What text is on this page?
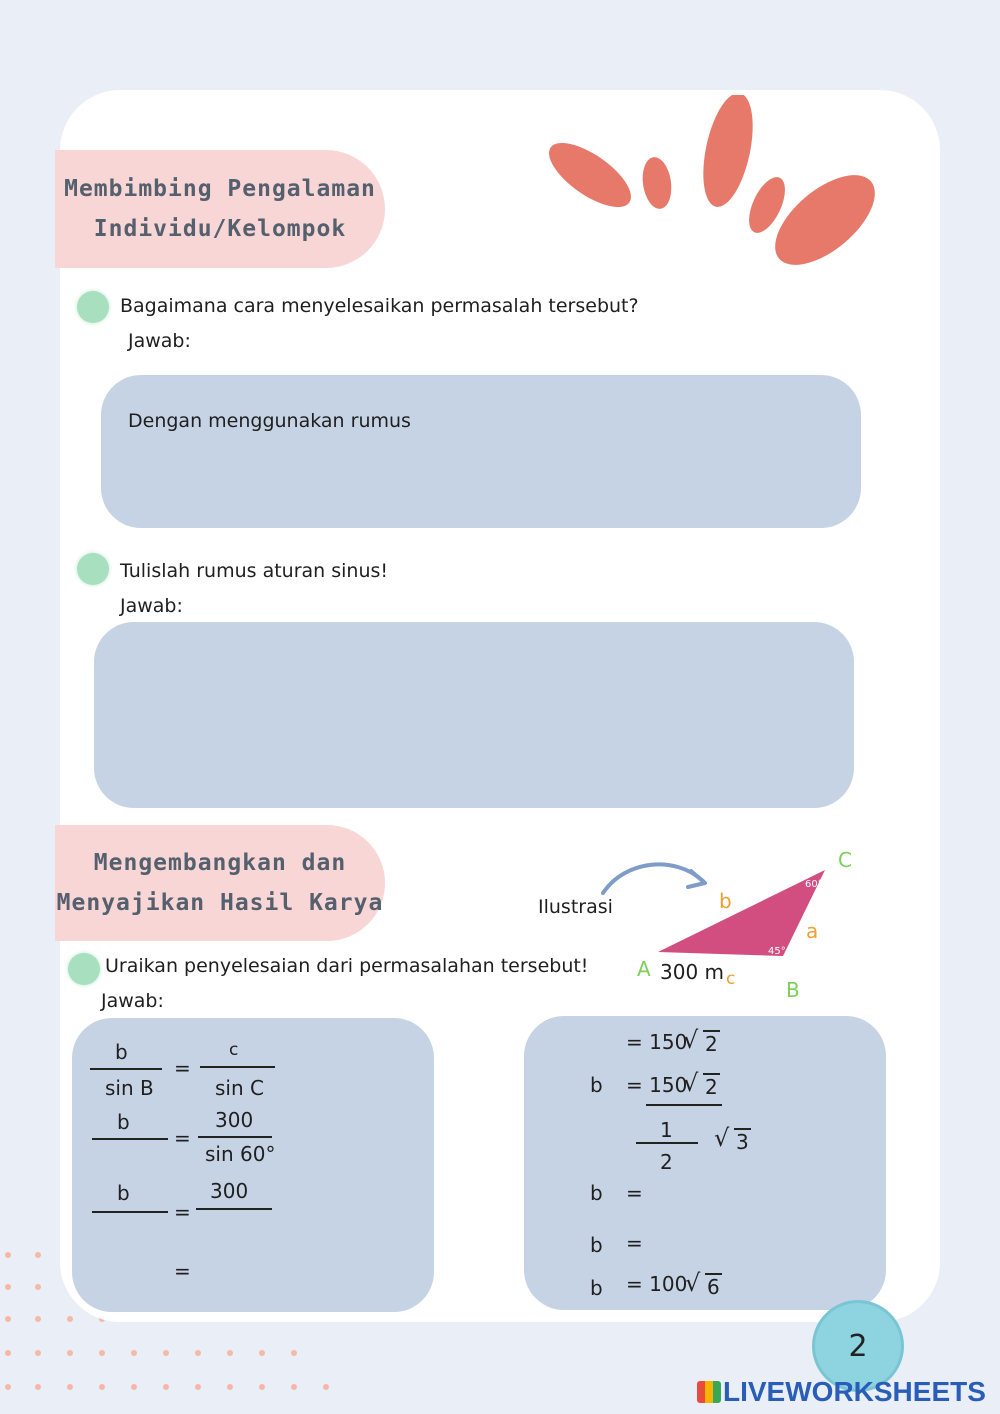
Membimbing Pengalaman
Individu/Kelompok
Bagaimana cara menyelesaikan permasalah tersebut?
Jawab:
Dengan menggunakan rumus
Tulislah rumus aturan sinus!
Jawab:
Mengembangkan dan
Menyajikan Hasil Karya	Ilustrasi
60°
45°
C
A
B
b
a
c
300 m
Uraikan penyelesaian dari permasalahan tersebut!
Jawab:
b
sin B
=
c
sin C
b
=
300
sin 60°
b
=
300
=
= 150
√ 2
b = 150
√ 2
1
2
√ 3
b =
b =
b = 100
√ 6
2
LIVEWORKSHEETS
